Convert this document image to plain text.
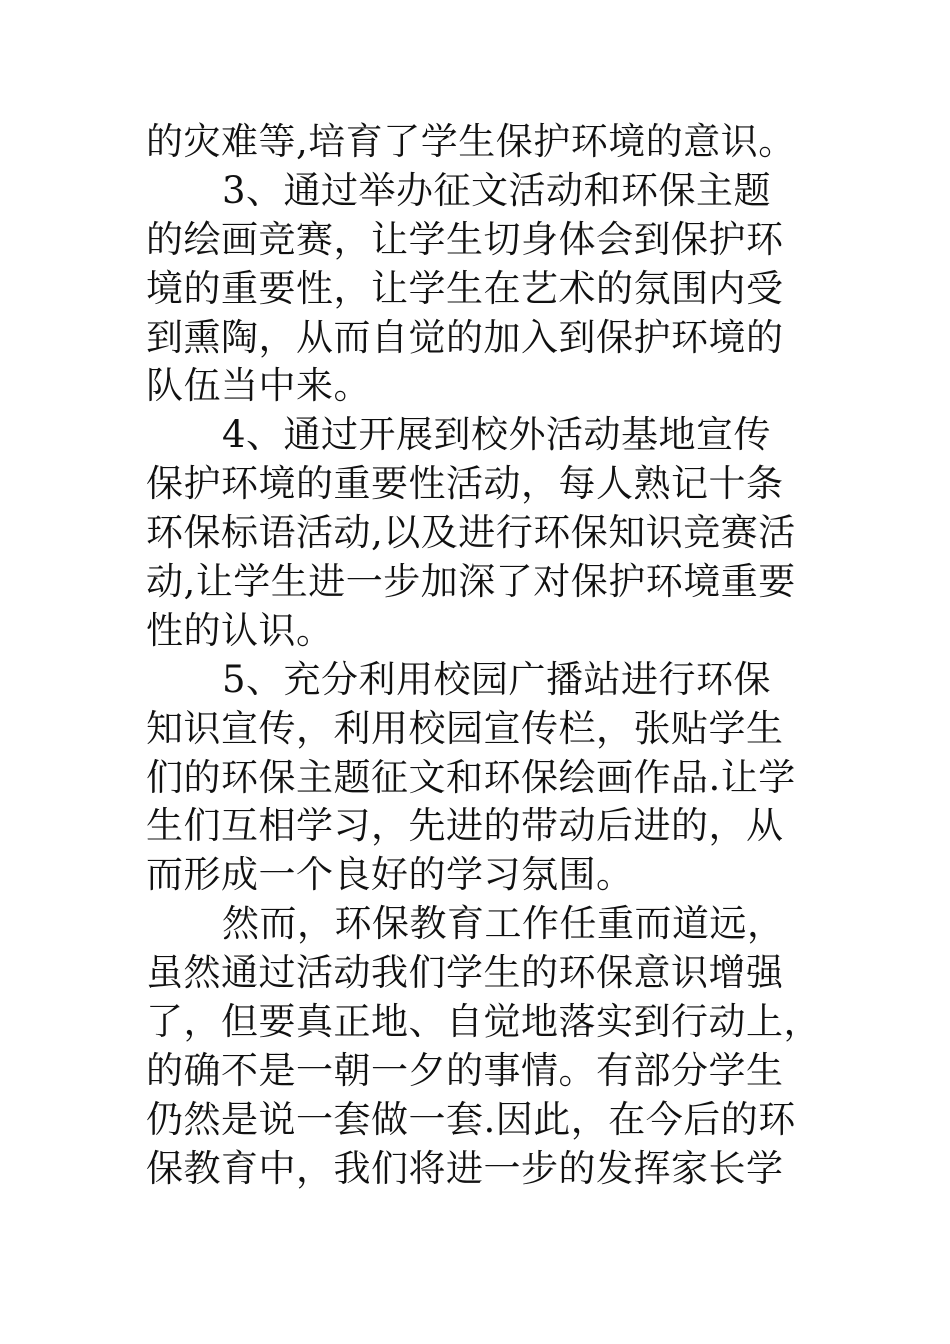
的灾难等,培育了学生保护环境的意识。
3、通过举办征文活动和环保主题
的绘画竞赛，让学生切身体会到保护环
境的重要性，让学生在艺术的氛围内受
到熏陶，从而自觉的加入到保护环境的
队伍当中来。
4、通过开展到校外活动基地宣传
保护环境的重要性活动，每人熟记十条
环保标语活动,以及进行环保知识竞赛活
动,让学生进一步加深了对保护环境重要
性的认识。
5、充分利用校园广播站进行环保
知识宣传，利用校园宣传栏，张贴学生
们的环保主题征文和环保绘画作品.让学
生们互相学习，先进的带动后进的，从
而形成一个良好的学习氛围。
然而，环保教育工作任重而道远，
虽然通过活动我们学生的环保意识增强
了，但要真正地、自觉地落实到行动上，
的确不是一朝一夕的事情。有部分学生
仍然是说一套做一套.因此，在今后的环
保教育中，我们将进一步的发挥家长学
